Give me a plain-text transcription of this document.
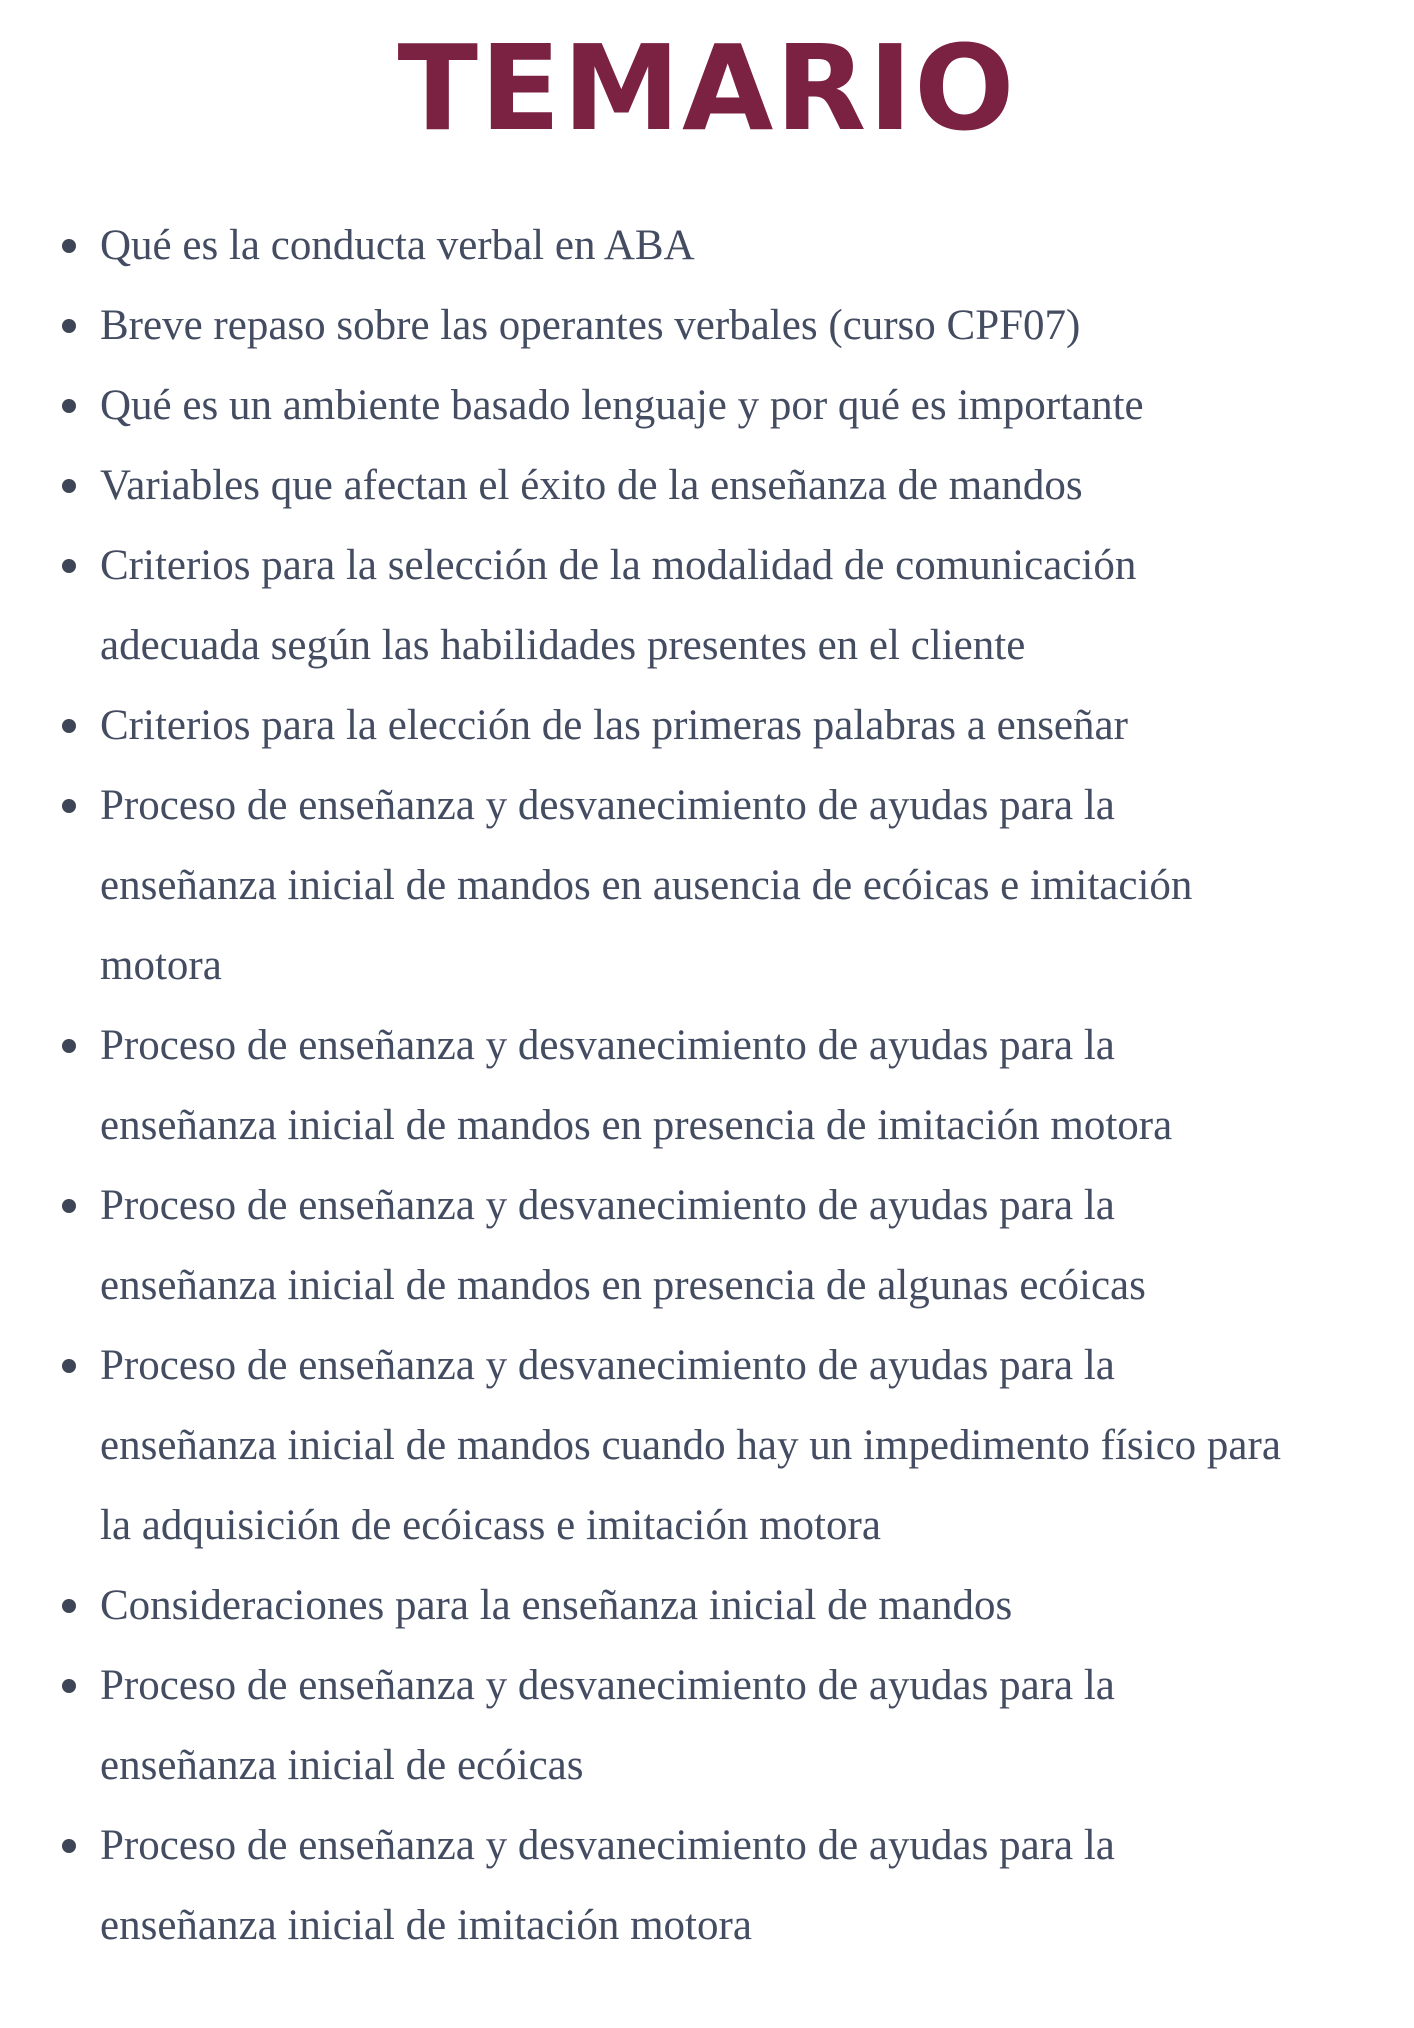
TEMARIO
Qué es la conducta verbal en ABA
Breve repaso sobre las operantes verbales (curso CPF07)
Qué es un ambiente basado lenguaje y por qué es importante
Variables que afectan el éxito de la enseñanza de mandos
Criterios para la selección de la modalidad de comunicación
adecuada según las habilidades presentes en el cliente
Criterios para la elección de las primeras palabras a enseñar
Proceso de enseñanza y desvanecimiento de ayudas para la
enseñanza inicial de mandos en ausencia de ecóicas e imitación
motora
Proceso de enseñanza y desvanecimiento de ayudas para la
enseñanza inicial de mandos en presencia de imitación motora
Proceso de enseñanza y desvanecimiento de ayudas para la
enseñanza inicial de mandos en presencia de algunas ecóicas
Proceso de enseñanza y desvanecimiento de ayudas para la
enseñanza inicial de mandos cuando hay un impedimento físico para
la adquisición de ecóicass e imitación motora
Consideraciones para la enseñanza inicial de mandos
Proceso de enseñanza y desvanecimiento de ayudas para la
enseñanza inicial de ecóicas
Proceso de enseñanza y desvanecimiento de ayudas para la
enseñanza inicial de imitación motora
